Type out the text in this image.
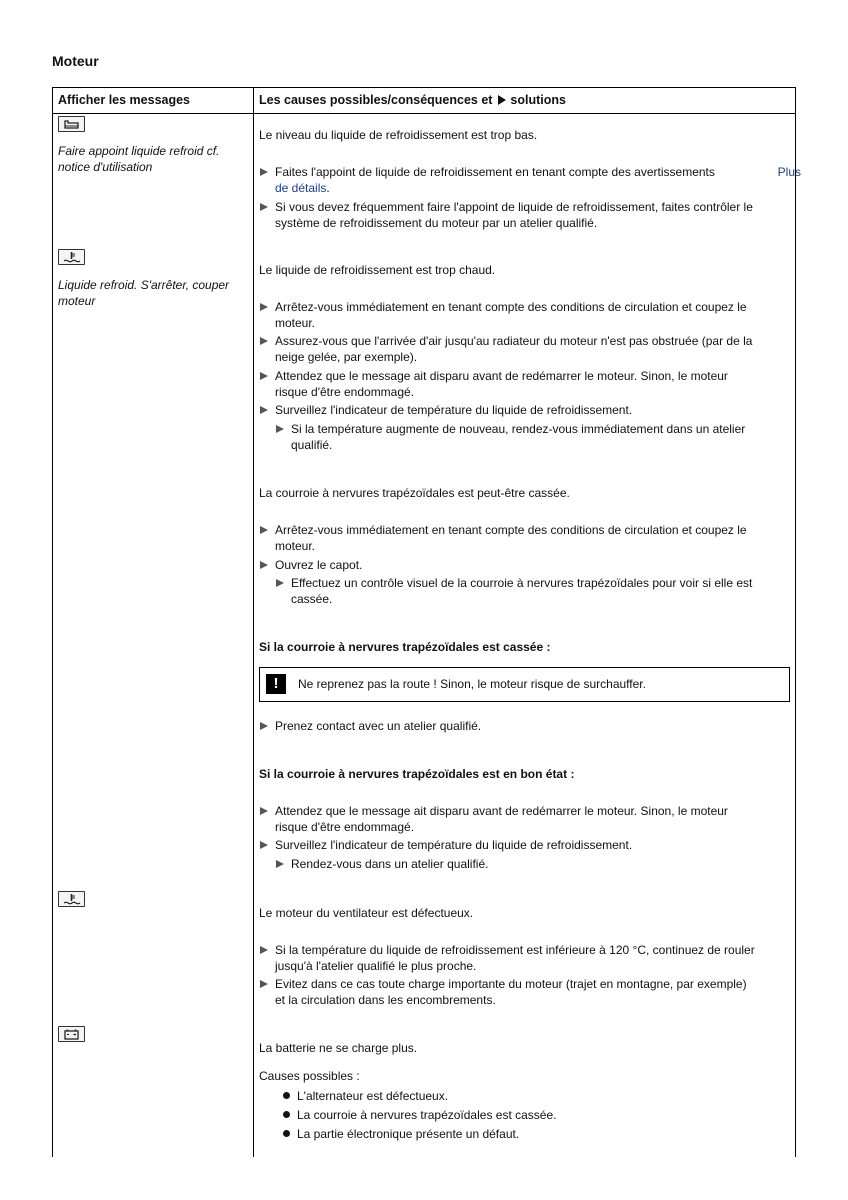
Moteur
Afficher les messages	Les causes possibles/conséquences et solutions
Faire appoint liquide refroid cf. notice d'utilisation
Le niveau du liquide de refroidissement est trop bas.
Faites l'appoint de liquide de refroidissement en tenant compte des avertissements	Plus

de détails.
Si vous devez fréquemment faire l'appoint de liquide de refroidissement, faites contrôler le
système de refroidissement du moteur par un atelier qualifié.
Liquide refroid. S'arrêter, couper moteur
Le liquide de refroidissement est trop chaud.
Arrêtez-vous immédiatement en tenant compte des conditions de circulation et coupez le
moteur.
Assurez-vous que l'arrivée d'air jusqu'au radiateur du moteur n'est pas obstruée (par de la
neige gelée, par exemple).
Attendez que le message ait disparu avant de redémarrer le moteur. Sinon, le moteur
risque d'être endommagé.
Surveillez l'indicateur de température du liquide de refroidissement.
Si la température augmente de nouveau, rendez-vous immédiatement dans un atelier
qualifié.
La courroie à nervures trapézoïdales est peut-être cassée.
Arrêtez-vous immédiatement en tenant compte des conditions de circulation et coupez le
moteur.
Ouvrez le capot.
Effectuez un contrôle visuel de la courroie à nervures trapézoïdales pour voir si elle est
cassée.
Si la courroie à nervures trapézoïdales est cassée :
!	Ne reprenez pas la route ! Sinon, le moteur risque de surchauffer.
Prenez contact avec un atelier qualifié.
Si la courroie à nervures trapézoïdales est en bon état :
Attendez que le message ait disparu avant de redémarrer le moteur. Sinon, le moteur
risque d'être endommagé.
Surveillez l'indicateur de température du liquide de refroidissement.
Rendez-vous dans un atelier qualifié.
Le moteur du ventilateur est défectueux.
Si la température du liquide de refroidissement est inférieure à 120 °C, continuez de rouler
jusqu'à l'atelier qualifié le plus proche.
Evitez dans ce cas toute charge importante du moteur (trajet en montagne, par exemple)
et la circulation dans les encombrements.
La batterie ne se charge plus.
Causes possibles :
L'alternateur est défectueux.
La courroie à nervures trapézoïdales est cassée.
La partie électronique présente un défaut.
